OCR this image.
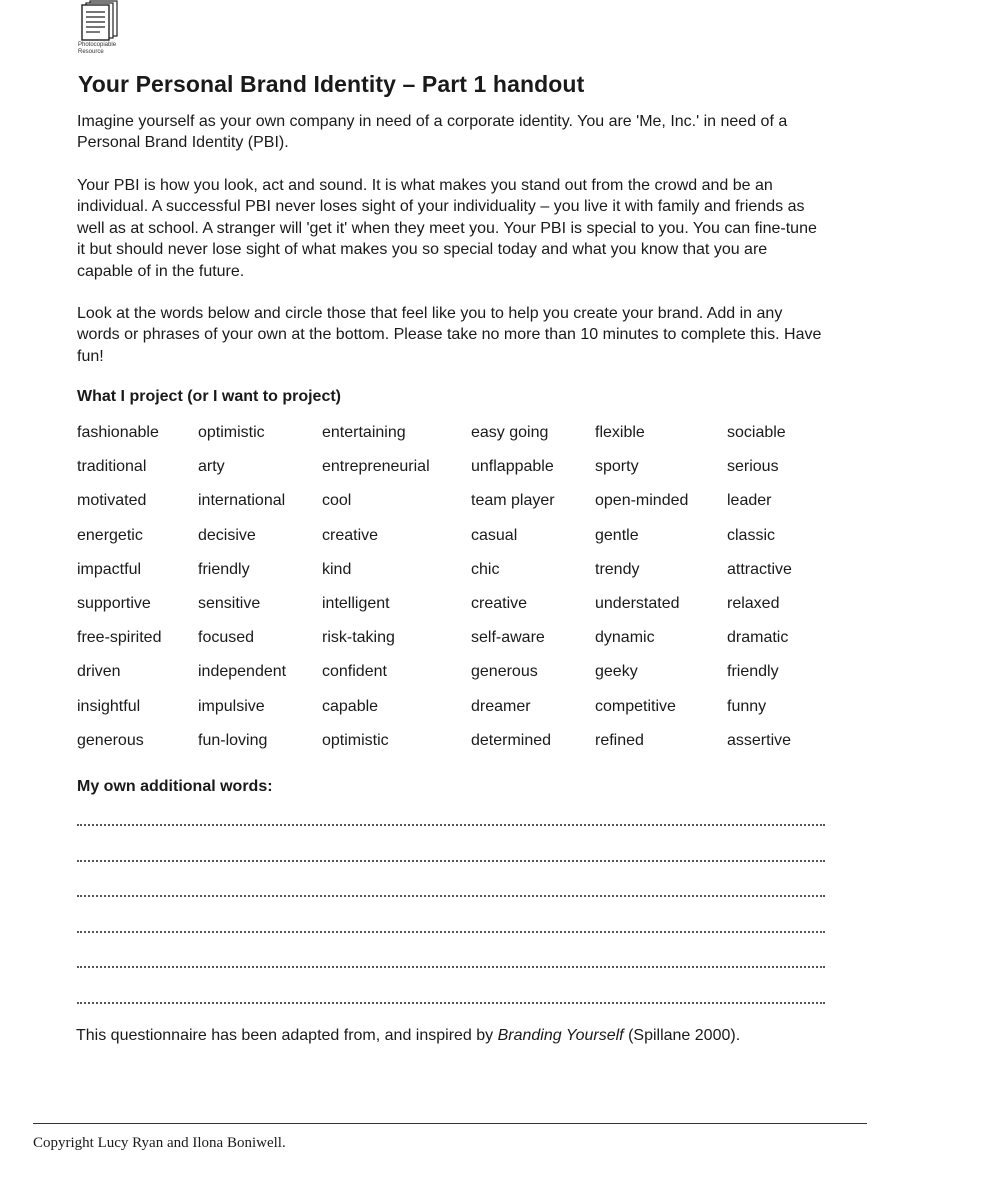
Photocopiable
Resource
Your Personal Brand Identity – Part 1 handout

Imagine yourself as your own company in need of a corporate identity. You are 'Me, Inc.' in need of a Personal Brand Identity (PBI).

Your PBI is how you look, act and sound. It is what makes you stand out from the crowd and be an individual. A successful PBI never loses sight of your individuality – you live it with family and friends as well as at school. A stranger will 'get it' when they meet you. Your PBI is special to you. You can fine-tune it but should never lose sight of what makes you so special today and what you know that you are capable of in the future.

Look at the words below and circle those that feel like you to help you create your brand. Add in any words or phrases of your own at the bottom. Please take no more than 10 minutes to complete this. Have fun!

What I project (or I want to project)
fashionable	optimistic	entertaining	easy going	flexible	sociable
traditional	arty	entrepreneurial	unflappable	sporty	serious
motivated	international	cool	team player	open-minded	leader
energetic	decisive	creative	casual	gentle	classic
impactful	friendly	kind	chic	trendy	attractive
supportive	sensitive	intelligent	creative	understated	relaxed
free-spirited	focused	risk-taking	self-aware	dynamic	dramatic
driven	independent	confident	generous	geeky	friendly
insightful	impulsive	capable	dreamer	competitive	funny
generous	fun-loving	optimistic	determined	refined	assertive
My own additional words:

This questionnaire has been adapted from, and inspired by Branding Yourself (Spillane 2000).

Copyright Lucy Ryan and Ilona Boniwell.
